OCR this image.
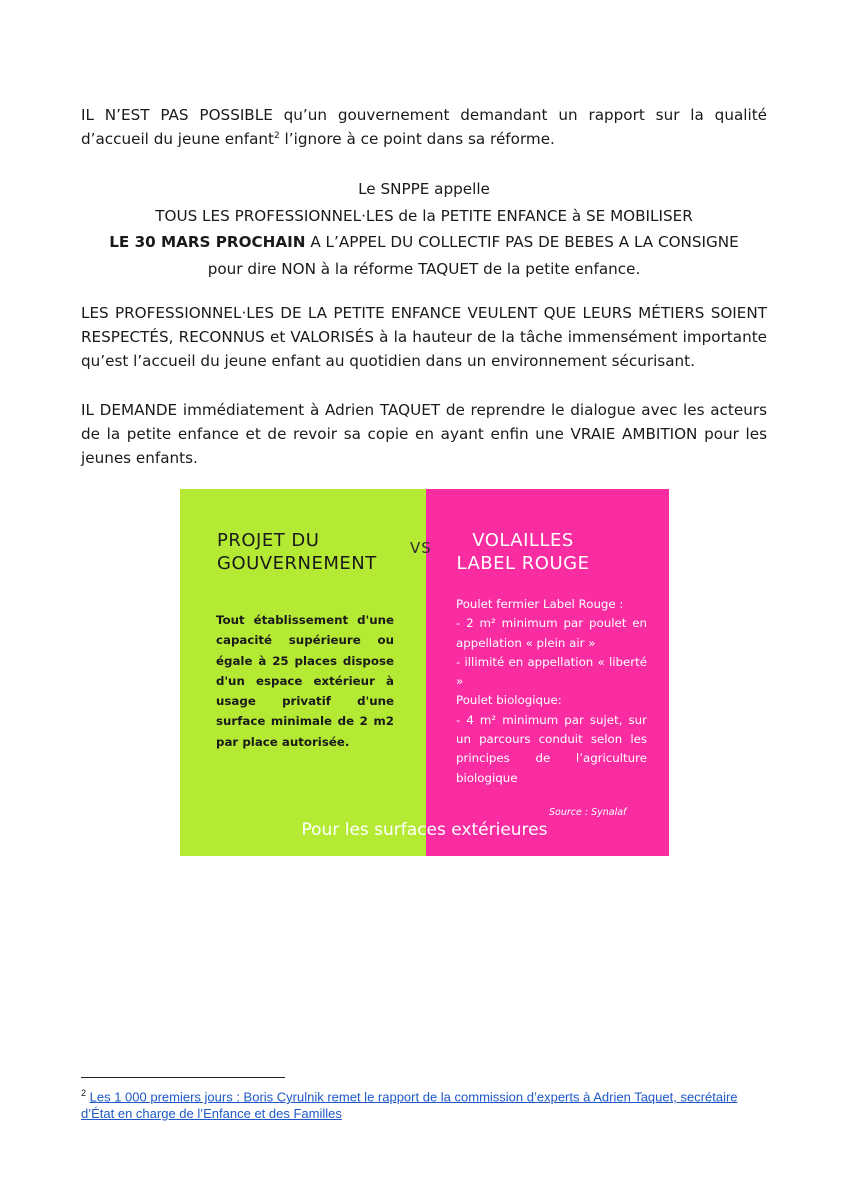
IL N’EST PAS POSSIBLE qu’un gouvernement demandant un rapport sur la qualité d’accueil du jeune enfant$^2$ l’ignore à ce point dans sa réforme.

Le SNPPE appelle
TOUS LES PROFESSIONNEL·LES de la PETITE ENFANCE à SE MOBILISER
LE 30 MARS PROCHAIN A L’APPEL DU COLLECTIF PAS DE BEBES A LA CONSIGNE
pour dire NON à la réforme TAQUET de la petite enfance.

LES PROFESSIONNEL·LES DE LA PETITE ENFANCE VEULENT QUE LEURS MÉTIERS SOIENT RESPECTÉS, RECONNUS et VALORISÉS à la hauteur de la tâche immensément importante qu’est l’accueil du jeune enfant au quotidien dans un environnement sécurisant.

IL DEMANDE immédiatement à Adrien TAQUET de reprendre le dialogue avec les acteurs de la petite enfance et de revoir sa copie en ayant enfin une VRAIE AMBITION pour les jeunes enfants.

PROJET DU
GOUVERNEMENT
VS	VOLAILLES
LABEL ROUGE
Tout établissement d'une capacité supérieure ou égale à 25 places dispose d'un espace extérieur à usage privatif d'une surface minimale de 2 m2 par place autorisée.
Poulet fermier Label Rouge :
- 2 m² minimum par poulet en appellation « plein air »
- illimité en appellation « liberté »
Poulet biologique:
- 4 m² minimum par sujet, sur un parcours conduit selon les principes de l’agriculture biologique
Source : Synalaf
Pour les surfaces extérieures
$^2$ Les 1 000 premiers jours : Boris Cyrulnik remet le rapport de la commission d’experts à Adrien Taquet, secrétaire d’État en charge de l’Enfance et des Familles
